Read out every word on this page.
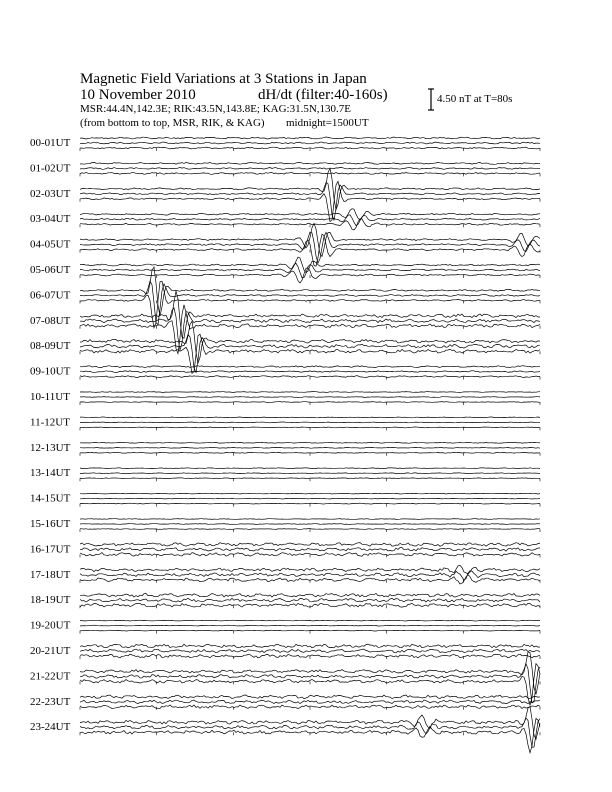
Magnetic Field Variations at 3 Stations in Japan
10 November 2010	dH/dt (filter:40-160s)
MSR:44.4N,142.3E; RIK:43.5N,143.8E; KAG:31.5N,130.7E
(from bottom to top, MSR, RIK, & KAG) midnight=1500UT
4.50 nT at T=80s
00-01UT
01-02UT
02-03UT
03-04UT
04-05UT
05-06UT
06-07UT
07-08UT
08-09UT
09-10UT
10-11UT
11-12UT
12-13UT
13-14UT
14-15UT
15-16UT
16-17UT
17-18UT
18-19UT
19-20UT
20-21UT
21-22UT
22-23UT
23-24UT
